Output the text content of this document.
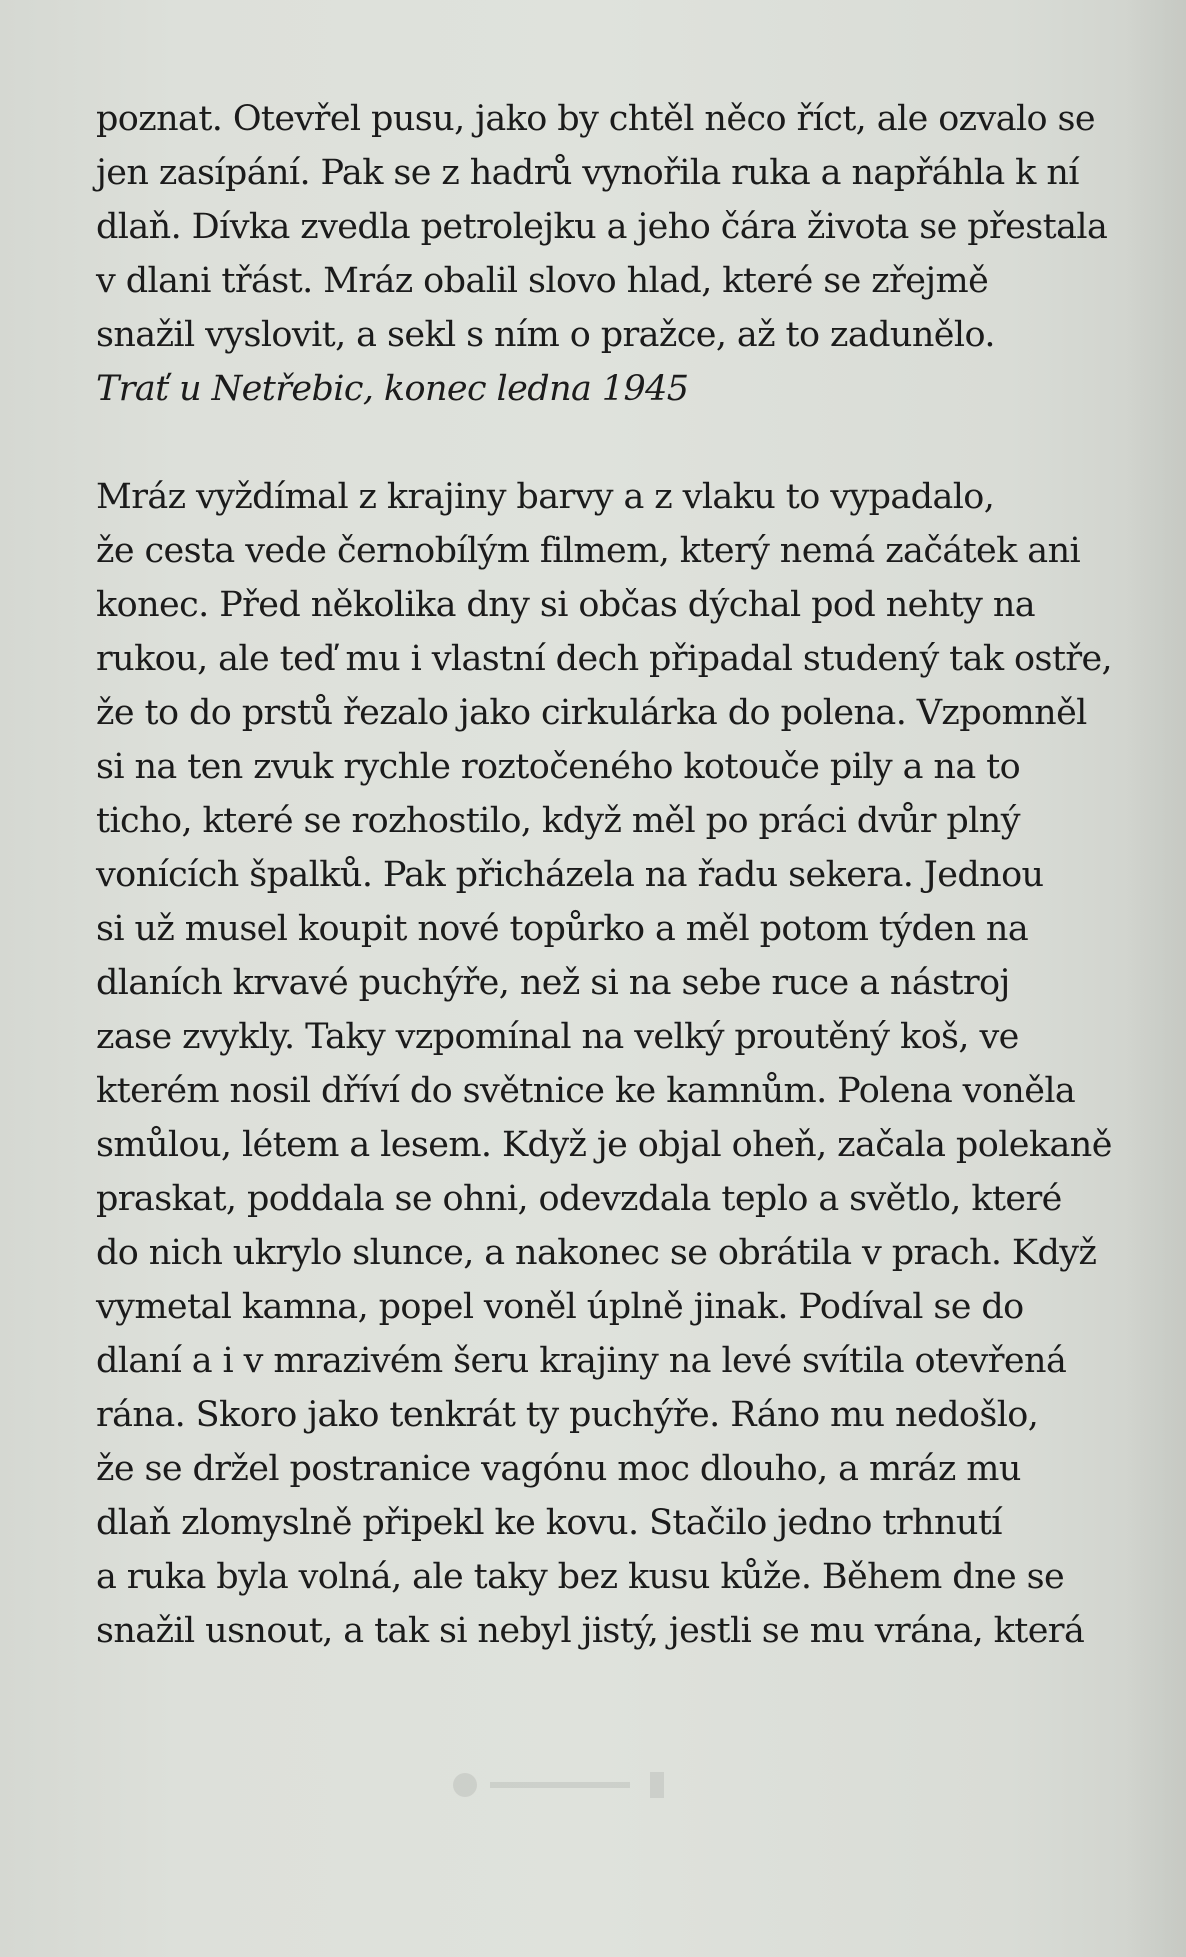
poznat. Otevřel pusu, jako by chtěl něco říct, ale ozvalo se
jen zasípání. Pak se z hadrů vynořila ruka a napřáhla k ní
dlaň. Dívka zvedla petrolejku a jeho čára života se přestala
v dlani třást. Mráz obalil slovo hlad, které se zřejmě
snažil vyslovit, a sekl s ním o pražce, až to zadunělo.
Trať u Netřebic, konec ledna 1945
Mráz vyždímal z krajiny barvy a z vlaku to vypadalo,
že cesta vede černobílým filmem, který nemá začátek ani
konec. Před několika dny si občas dýchal pod nehty na
rukou, ale teď mu i vlastní dech připadal studený tak ostře,
že to do prstů řezalo jako cirkulárka do polena. Vzpomněl
si na ten zvuk rychle roztočeného kotouče pily a na to
ticho, které se rozhostilo, když měl po práci dvůr plný
vonících špalků. Pak přicházela na řadu sekera. Jednou
si už musel koupit nové topůrko a měl potom týden na
dlaních krvavé puchýře, než si na sebe ruce a nástroj
zase zvykly. Taky vzpomínal na velký proutěný koš, ve
kterém nosil dříví do světnice ke kamnům. Polena voněla
smůlou, létem a lesem. Když je objal oheň, začala polekaně
praskat, poddala se ohni, odevzdala teplo a světlo, které
do nich ukrylo slunce, a nakonec se obrátila v prach. Když
vymetal kamna, popel voněl úplně jinak. Podíval se do
dlaní a i v mrazivém šeru krajiny na levé svítila otevřená
rána. Skoro jako tenkrát ty puchýře. Ráno mu nedošlo,
že se držel postranice vagónu moc dlouho, a mráz mu
dlaň zlomyslně připekl ke kovu. Stačilo jedno trhnutí
a ruka byla volná, ale taky bez kusu kůže. Během dne se
snažil usnout, a tak si nebyl jistý, jestli se mu vrána, která
